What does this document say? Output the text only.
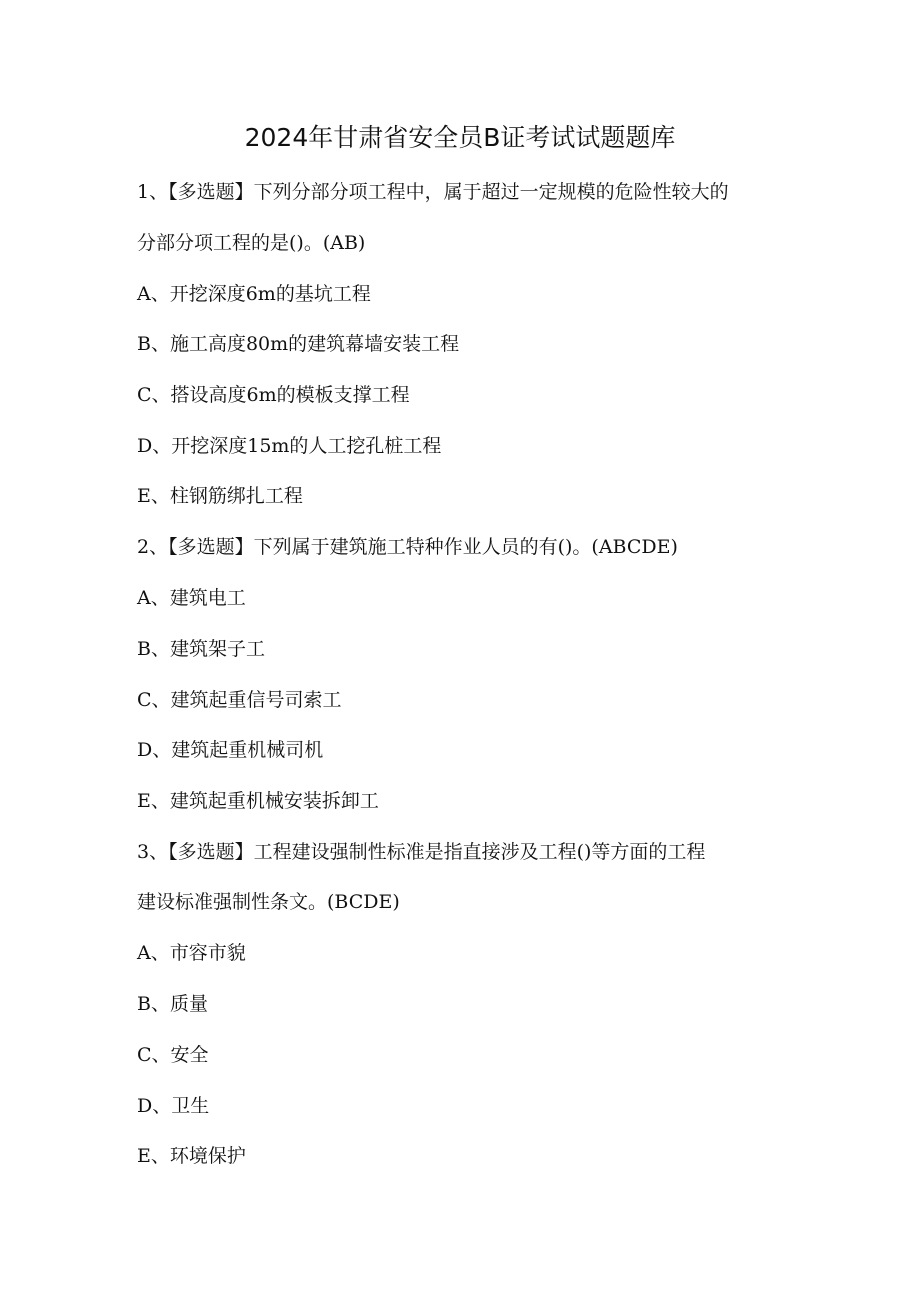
2024年甘肃省安全员B证考试试题题库
1、【多选题】下列分部分项工程中，属于超过一定规模的危险性较大的
分部分项工程的是()。(AB)
A、开挖深度6m的基坑工程
B、施工高度80m的建筑幕墙安装工程
C、搭设高度6m的模板支撑工程
D、开挖深度15m的人工挖孔桩工程
E、柱钢筋绑扎工程
2、【多选题】下列属于建筑施工特种作业人员的有()。(ABCDE)
A、建筑电工
B、建筑架子工
C、建筑起重信号司索工
D、建筑起重机械司机
E、建筑起重机械安装拆卸工
3、【多选题】工程建设强制性标准是指直接涉及工程()等方面的工程
建设标准强制性条文。(BCDE)
A、市容市貌
B、质量
C、安全
D、卫生
E、环境保护
